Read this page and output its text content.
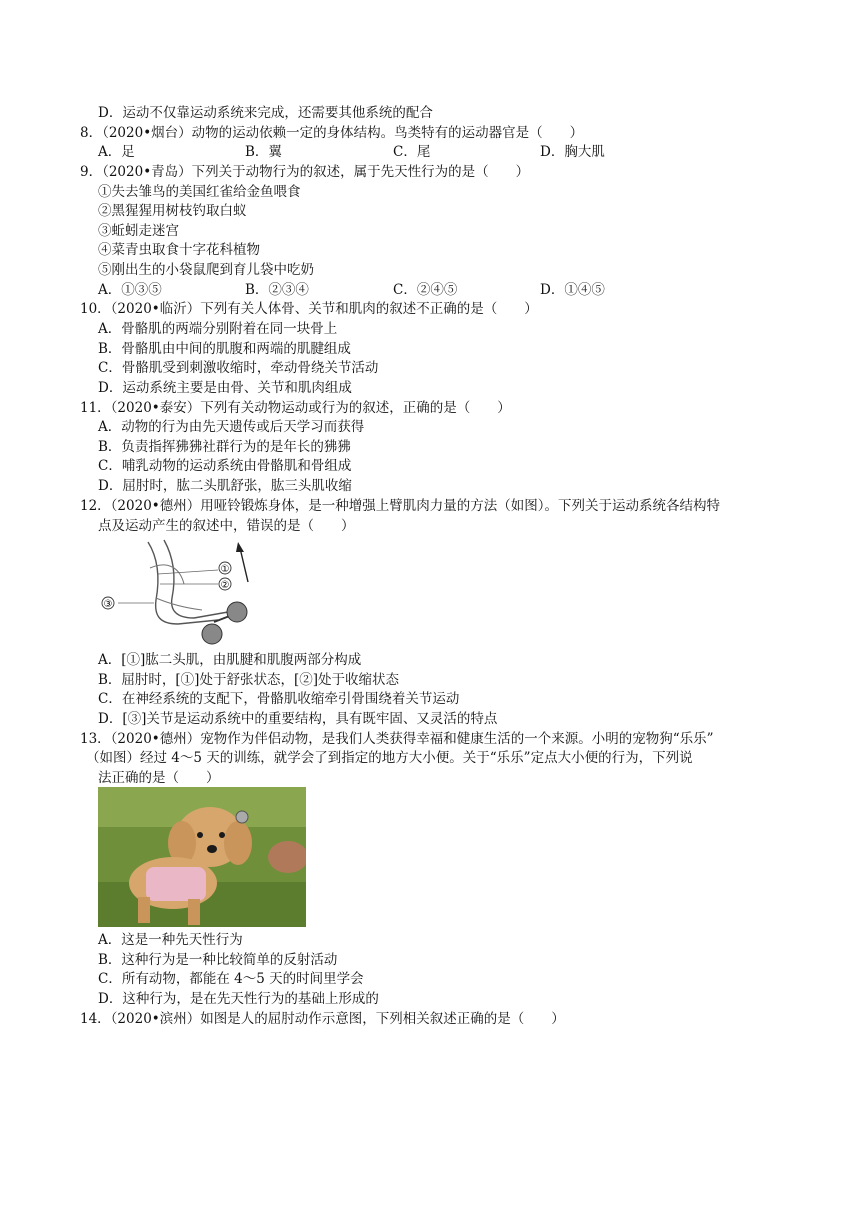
D．运动不仅靠运动系统来完成，还需要其他系统的配合
8．（2020•烟台）动物的运动依赖一定的身体结构。鸟类特有的运动器官是（　　）
A．足	B．翼	C．尾	D．胸大肌
9．（2020•青岛）下列关于动物行为的叙述，属于先天性行为的是（　　）
①失去雏鸟的美国红雀给金鱼喂食
②黑猩猩用树枝钓取白蚁
③蚯蚓走迷宫
④菜青虫取食十字花科植物
⑤刚出生的小袋鼠爬到育儿袋中吃奶
A．①③⑤	B．②③④	C．②④⑤	D．①④⑤
10．（2020•临沂）下列有关人体骨、关节和肌肉的叙述不正确的是（　　）
A．骨骼肌的两端分别附着在同一块骨上
B．骨骼肌由中间的肌腹和两端的肌腱组成
C．骨骼肌受到刺激收缩时，牵动骨绕关节活动
D．运动系统主要是由骨、关节和肌肉组成
11．（2020•泰安）下列有关动物运动或行为的叙述，正确的是（　　）
A．动物的行为由先天遗传或后天学习而获得
B．负责指挥狒狒社群行为的是年长的狒狒
C．哺乳动物的运动系统由骨骼肌和骨组成
D．屈肘时，肱二头肌舒张，肱三头肌收缩
12．（2020•德州）用哑铃锻炼身体，是一种增强上臂肌肉力量的方法（如图）。下列关于运动系统各结构特
点及运动产生的叙述中，错误的是（　　）
①
②
③
A．[①]肱二头肌，由肌腱和肌腹两部分构成
B．屈肘时，[①]处于舒张状态，[②]处于收缩状态
C．在神经系统的支配下，骨骼肌收缩牵引骨围绕着关节运动
D．[③]关节是运动系统中的重要结构，具有既牢固、又灵活的特点
13．（2020•德州）宠物作为伴侣动物，是我们人类获得幸福和健康生活的一个来源。小明的宠物狗“乐乐”
（如图）经过 4～5 天的训练，就学会了到指定的地方大小便。关于“乐乐”定点大小便的行为，下列说
法正确的是（　　）
A．这是一种先天性行为
B．这种行为是一种比较简单的反射活动
C．所有动物，都能在 4～5 天的时间里学会
D．这种行为，是在先天性行为的基础上形成的
14．（2020•滨州）如图是人的屈肘动作示意图，下列相关叙述正确的是（　　）
